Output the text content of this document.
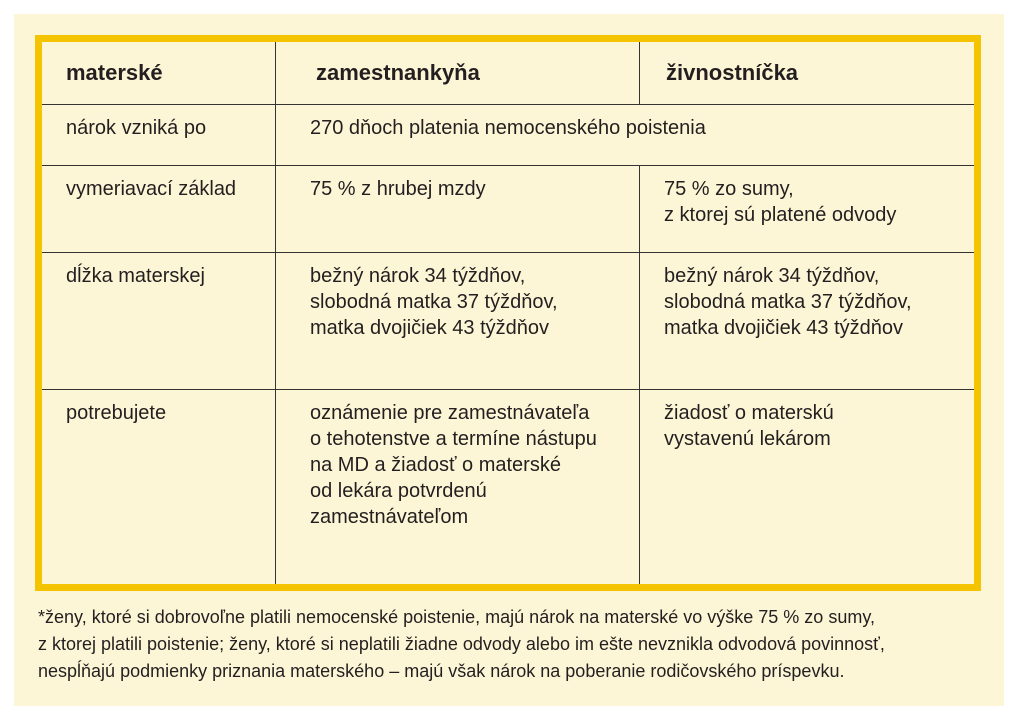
materské	zamestnankyňa	živnostníčka

nárok vzniká po	270 dňoch platenia nemocenského poistenia	

vymeriavací základ	75 % z hrubej mzdy	75 % zo sumy,
z ktorej sú platené odvody

dĺžka materskej	bežný nárok 34 týždňov,
slobodná matka 37 týždňov,
matka dvojičiek 43 týždňov	bežný nárok 34 týždňov,
slobodná matka 37 týždňov,
matka dvojičiek 43 týždňov

potrebujete	oznámenie pre zamestnávateľa
o tehotenstve a termíne nástupu
na MD a žiadosť o materské
od lekára potvrdenú
zamestnávateľom	žiadosť o materskú
vystavenú lekárom
*ženy, ktoré si dobrovoľne platili nemocenské poistenie, majú nárok na materské vo výške 75 % zo sumy,
z ktorej platili poistenie; ženy, ktoré si neplatili žiadne odvody alebo im ešte nevznikla odvodová povinnosť,
nespĺňajú podmienky priznania materského – majú však nárok na poberanie rodičovského príspevku.
